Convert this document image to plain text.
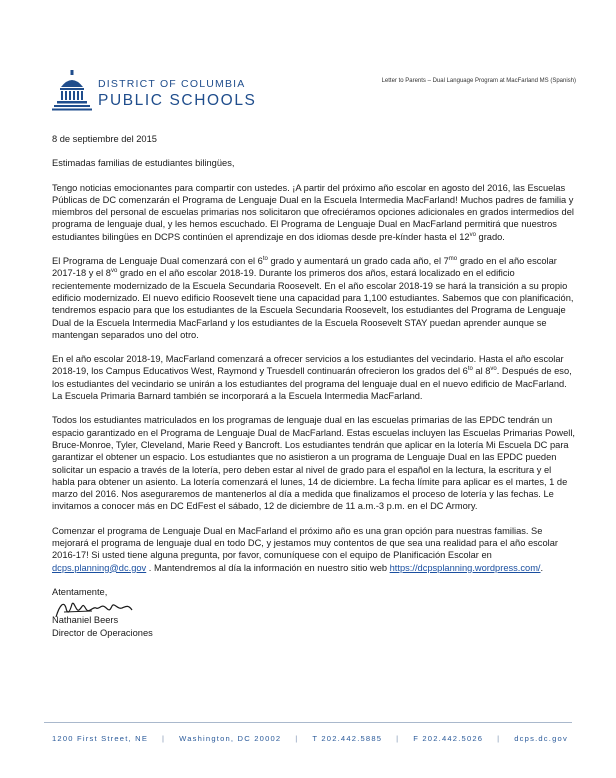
DISTRICT OF COLUMBIA
PUBLIC SCHOOLS
Letter to Parents – Dual Language Program at MacFarland MS (Spanish)

8 de septiembre del 2015

Estimadas familias de estudiantes bilingües,

Tengo noticias emocionantes para compartir con ustedes. ¡A partir del próximo año escolar en agosto del 2016, las Escuelas Públicas de DC comenzarán el Programa de Lenguaje Dual en la Escuela Intermedia MacFarland! Muchos padres de familia y miembros del personal de escuelas primarias nos solicitaron que ofreciéramos opciones adicionales en grados intermedios del programa de lenguaje dual, y les hemos escuchado. El Programa de Lenguaje Dual en MacFarland permitirá que nuestros estudiantes bilingües en DCPS continúen el aprendizaje en dos idiomas desde pre-kínder hasta el $12^{vo}$ grado.

El Programa de Lenguaje Dual comenzará con el $6^{to}$ grado y aumentará un grado cada año, el $7^{mo}$ grado en el año escolar 2017-18 y el $8^{vo}$ grado en el año escolar 2018-19. Durante los primeros dos años, estará localizado en el edificio recientemente modernizado de la Escuela Secundaria Roosevelt. En el año escolar 2018-19 se hará la transición a su propio edificio modernizado. El nuevo edificio Roosevelt tiene una capacidad para 1,100 estudiantes. Sabemos que con planificación, tendremos espacio para que los estudiantes de la Escuela Secundaria Roosevelt, los estudiantes del Programa de Lenguaje Dual de la Escuela Intermedia MacFarland y los estudiantes de la Escuela Roosevelt STAY puedan aprender aunque se mantengan separados uno del otro.

En el año escolar 2018-19, MacFarland comenzará a ofrecer servicios a los estudiantes del vecindario. Hasta el año escolar 2018-19, los Campus Educativos West, Raymond y Truesdell continuarán ofrecieron los grados del $6^{to}$ al $8^{vo}$. Después de eso, los estudiantes del vecindario se unirán a los estudiantes del programa del lenguaje dual en el nuevo edificio de MacFarland. La Escuela Primaria Barnard también se incorporará a la Escuela Intermedia MacFarland.

Todos los estudiantes matriculados en los programas de lenguaje dual en las escuelas primarias de las EPDC tendrán un espacio garantizado en el Programa de Lenguaje Dual de MacFarland. Estas escuelas incluyen las Escuelas Primarias Powell, Bruce-Monroe, Tyler, Cleveland, Marie Reed y Bancroft. Los estudiantes tendrán que aplicar en la lotería Mi Escuela DC para garantizar el obtener un espacio. Los estudiantes que no asistieron a un programa de Lenguaje Dual en las EPDC pueden solicitar un espacio a través de la lotería, pero deben estar al nivel de grado para el español en la lectura, la escritura y el habla para obtener un asiento. La lotería comenzará el lunes, 14 de diciembre. La fecha límite para aplicar es el martes, 1 de marzo del 2016. Nos aseguraremos de mantenerlos al día a medida que finalizamos el proceso de lotería y las fechas. Le invitamos a conocer más en DC EdFest el sábado, 12 de diciembre de 11 a.m.-3 p.m. en el DC Armory.

Comenzar el programa de Lenguaje Dual en MacFarland el próximo año es una gran opción para nuestras familias. Se mejorará el programa de lenguaje dual en todo DC, y jestamos muy contentos de que sea una realidad para el año escolar 2016-17! Si usted tiene alguna pregunta, por favor, comuníquese con el equipo de Planificación Escolar en dcps.planning@dc.gov . Mantendremos al día la información en nuestro sitio web https://dcpsplanning.wordpress.com/.

Atentamente,
Nathaniel Beers
Director de Operaciones
1200 First Street, NE | Washington, DC 20002 | T 202.442.5885 | F 202.442.5026 | dcps.dc.gov
